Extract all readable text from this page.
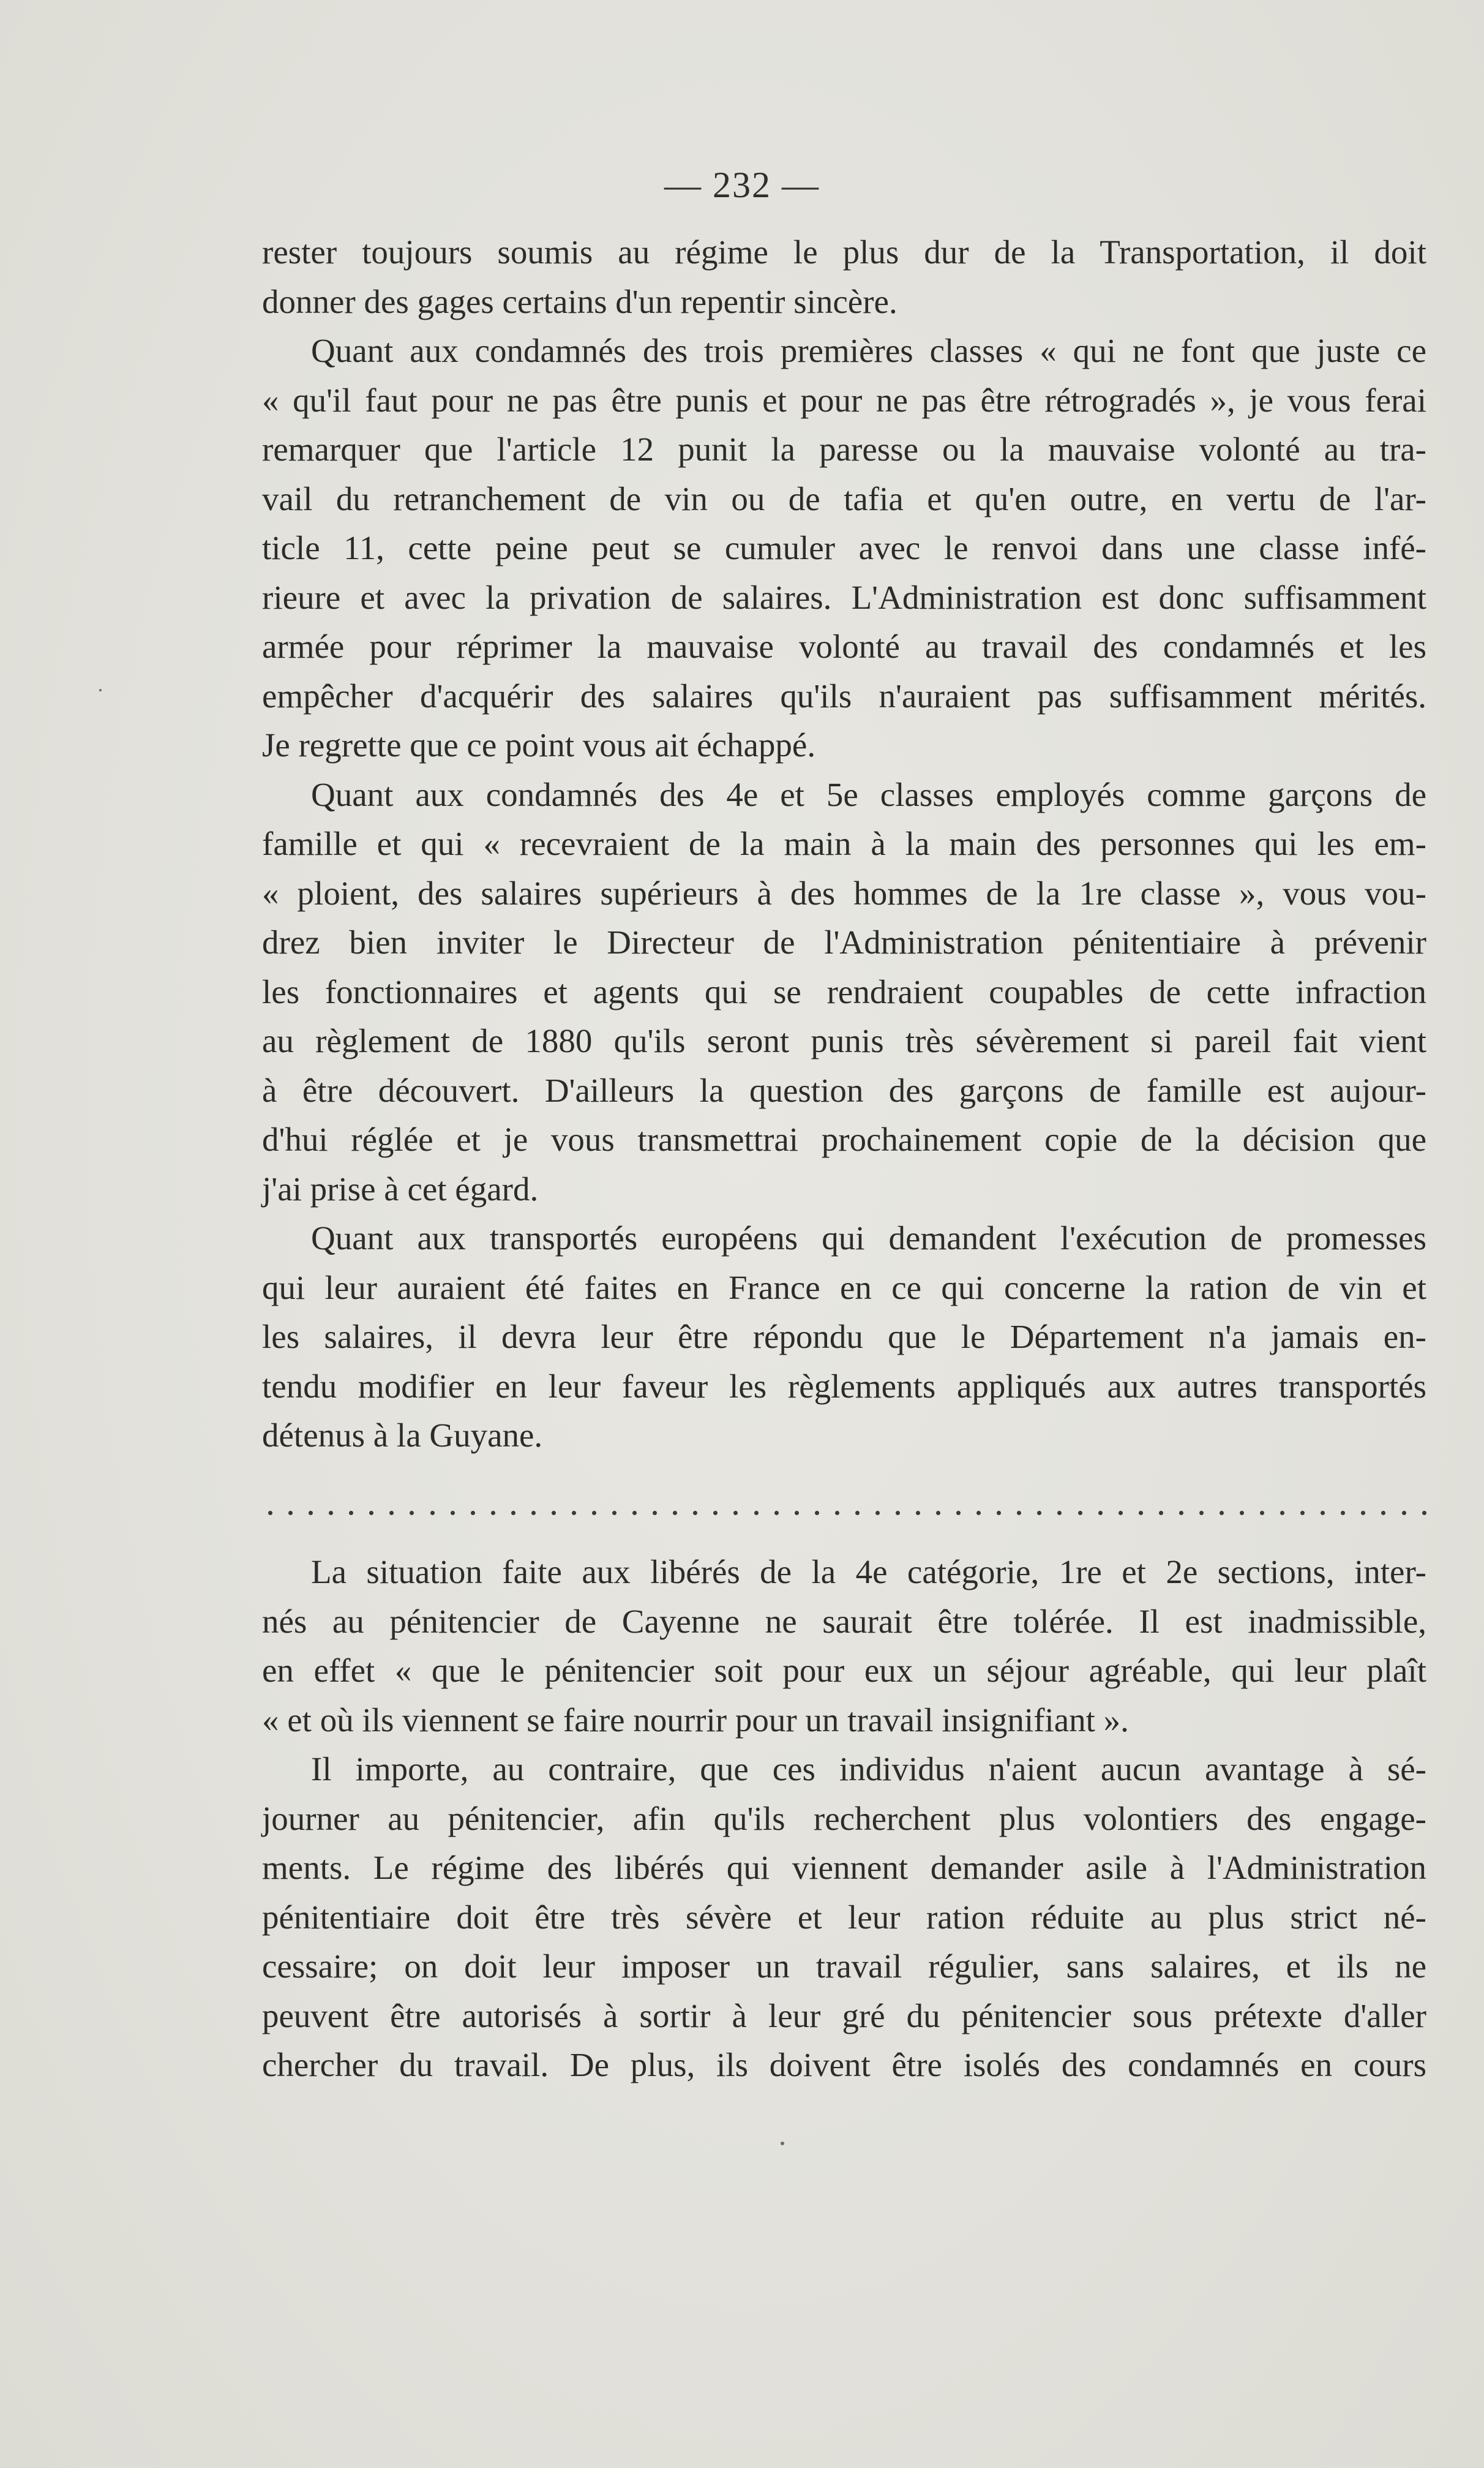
— 232 —
rester toujours soumis au régime le plus dur de la Transportation, il doit
donner des gages certains d'un repentir sincère.
Quant aux condamnés des trois premières classes « qui ne font que juste ce
« qu'il faut pour ne pas être punis et pour ne pas être rétrogradés », je vous ferai
remarquer que l'article 12 punit la paresse ou la mauvaise volonté au tra-
vail du retranchement de vin ou de tafia et qu'en outre, en vertu de l'ar-
ticle 11, cette peine peut se cumuler avec le renvoi dans une classe infé-
rieure et avec la privation de salaires. L'Administration est donc suffisamment
armée pour réprimer la mauvaise volonté au travail des condamnés et les
empêcher d'acquérir des salaires qu'ils n'auraient pas suffisamment mérités.
Je regrette que ce point vous ait échappé.
Quant aux condamnés des 4e et 5e classes employés comme garçons de
famille et qui « recevraient de la main à la main des personnes qui les em-
« ploient, des salaires supérieurs à des hommes de la 1re classe », vous vou-
drez bien inviter le Directeur de l'Administration pénitentiaire à prévenir
les fonctionnaires et agents qui se rendraient coupables de cette infraction
au règlement de 1880 qu'ils seront punis très sévèrement si pareil fait vient
à être découvert. D'ailleurs la question des garçons de famille est aujour-
d'hui réglée et je vous transmettrai prochainement copie de la décision que
j'ai prise à cet égard.
Quant aux transportés européens qui demandent l'exécution de promesses
qui leur auraient été faites en France en ce qui concerne la ration de vin et
les salaires, il devra leur être répondu que le Département n'a jamais en-
tendu modifier en leur faveur les règlements appliqués aux autres transportés
détenus à la Guyane.
La situation faite aux libérés de la 4e catégorie, 1re et 2e sections, inter-
nés au pénitencier de Cayenne ne saurait être tolérée. Il est inadmissible,
en effet « que le pénitencier soit pour eux un séjour agréable, qui leur plaît
« et où ils viennent se faire nourrir pour un travail insignifiant ».
Il importe, au contraire, que ces individus n'aient aucun avantage à sé-
journer au pénitencier, afin qu'ils recherchent plus volontiers des engage-
ments. Le régime des libérés qui viennent demander asile à l'Administration
pénitentiaire doit être très sévère et leur ration réduite au plus strict né-
cessaire; on doit leur imposer un travail régulier, sans salaires, et ils ne
peuvent être autorisés à sortir à leur gré du pénitencier sous prétexte d'aller
chercher du travail. De plus, ils doivent être isolés des condamnés en cours
